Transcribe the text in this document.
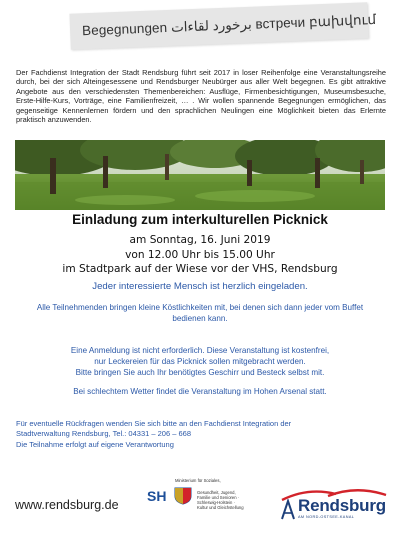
Begegnungen برخورد لقاءات встречи բախվում

Der Fachdienst Integration der Stadt Rendsburg führt seit 2017 in loser Reihenfolge eine Veranstaltungsreihe durch, bei der sich Alteingesessene und Rendsburger Neubürger aus aller Welt begegnen. Es gibt attraktive Angebote aus den verschiedensten Themenbereichen: Ausflüge, Firmenbesichtigungen, Museumsbesuche, Erste-Hilfe-Kurs, Vorträge, eine Familienfreizeit, … . Wir wollen spannende Begegnungen ermöglichen, das gegenseitige Kennenlernen fördern und den sprachlichen Neulingen eine Möglichkeit bieten das Erlernte praktisch anzuwenden.

Einladung zum interkulturellen Picknick
am Sonntag, 16. Juni 2019
von 12.00 Uhr bis 15.00 Uhr
im Stadtpark auf der Wiese vor der VHS, Rendsburg
Jeder interessierte Mensch ist herzlich eingeladen.

Alle Teilnehmenden bringen kleine Köstlichkeiten mit, bei denen sich dann jeder vom Buffet bedienen kann.

Eine Anmeldung ist nicht erforderlich. Diese Veranstaltung ist kostenfrei,
nur Leckereien für das Picknick sollen mitgebracht werden.
Bitte bringen Sie auch Ihr benötigtes Geschirr und Besteck selbst mit.

Bei schlechtem Wetter findet die Veranstaltung im Hohen Arsenal statt.

Für eventuelle Rückfragen wenden Sie sich bitte an den Fachdienst Integration der
Stadtverwaltung Rendsburg, Tel.: 04331 – 206 – 668
Die Teilnahme erfolgt auf eigene Verantwortung
www.rendsburg.de
Ministerium für Soziales,
SH	Gesundheit, Jugend, Familie und Senioren · Schleswig-Holstein · Kultur und Gleichstellung	Rendsburg
AM NORD-OSTSEE-KANAL
